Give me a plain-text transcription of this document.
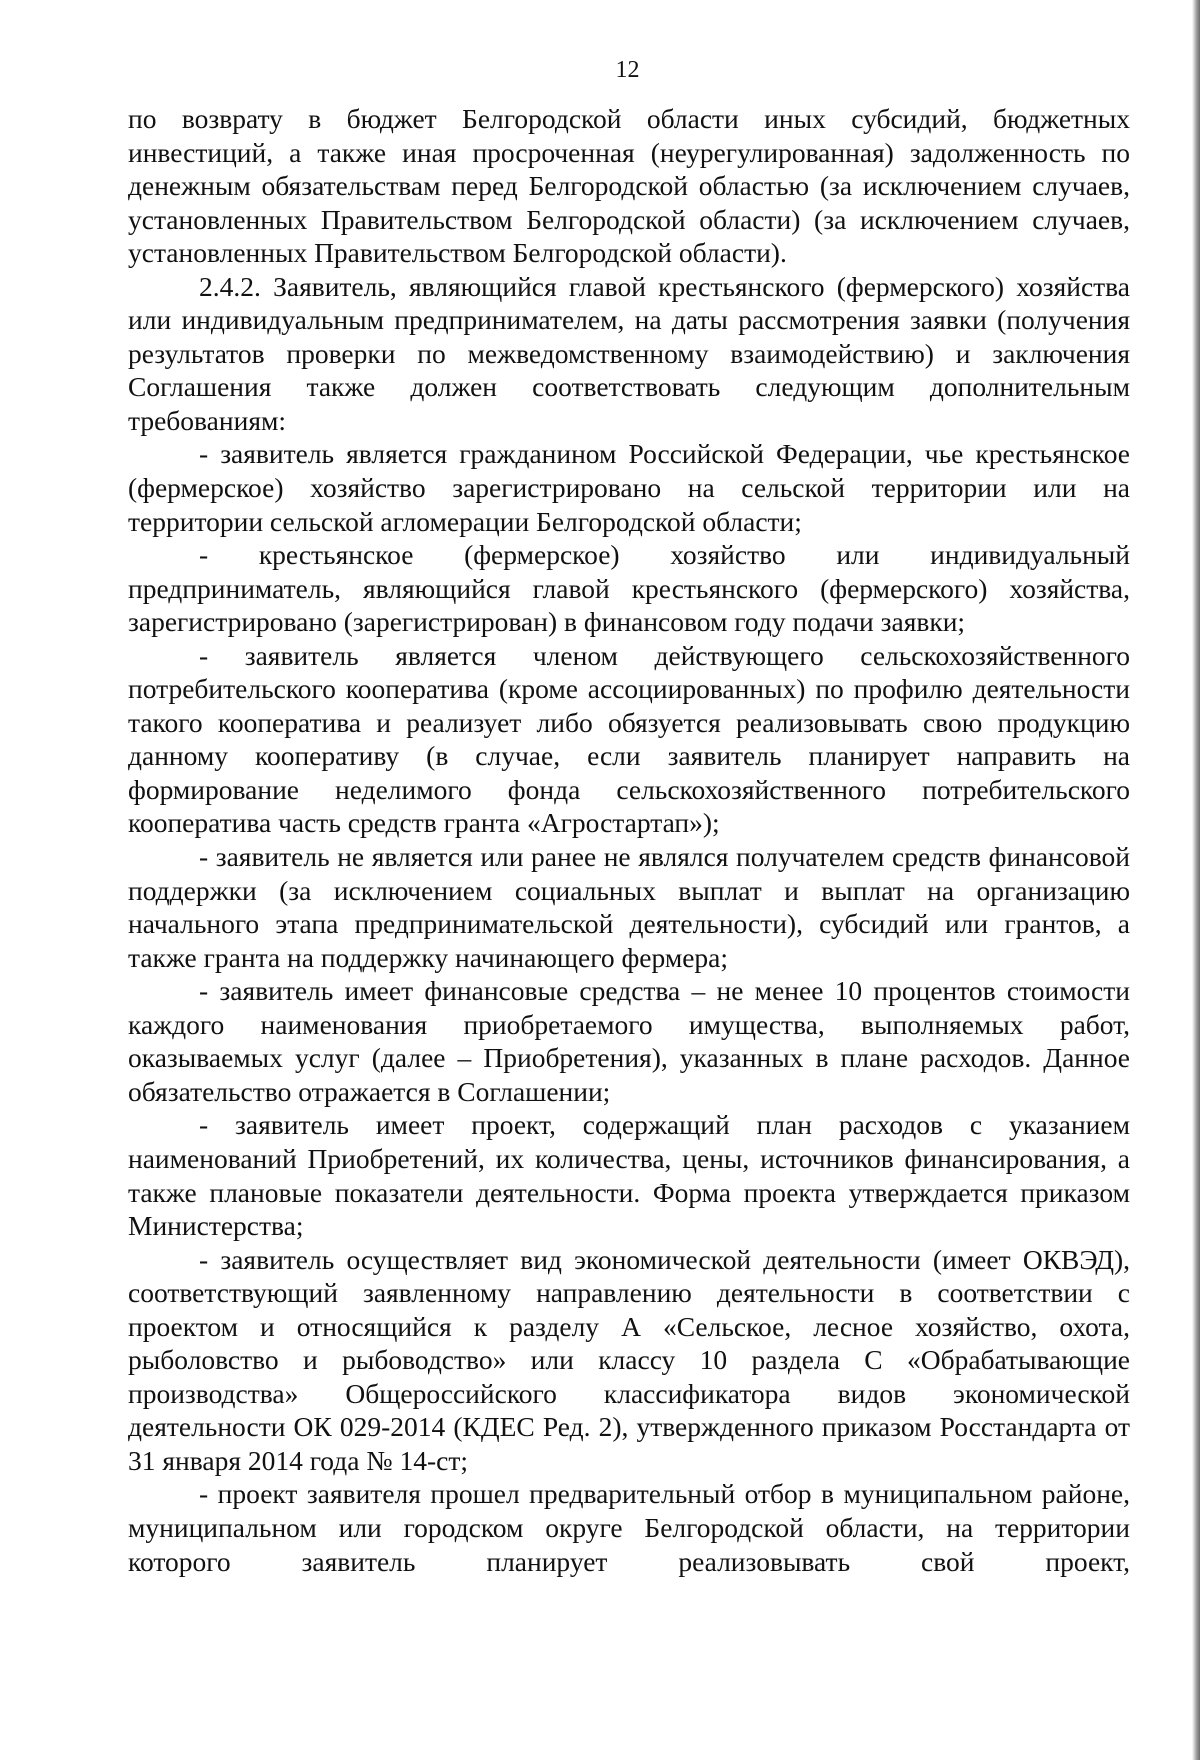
12

по возврату в бюджет Белгородской области иных субсидий, бюджетных инвестиций, а также иная просроченная (неурегулированная) задолженность по денежным обязательствам перед Белгородской областью (за исключением случаев, установленных Правительством Белгородской области) (за исключением случаев, установленных Правительством Белгородской области).

2.4.2. Заявитель, являющийся главой крестьянского (фермерского) хозяйства или индивидуальным предпринимателем, на даты рассмотрения заявки (получения результатов проверки по межведомственному взаимодействию) и заключения Соглашения также должен соответствовать следующим дополнительным требованиям:

- заявитель является гражданином Российской Федерации, чье крестьянское (фермерское) хозяйство зарегистрировано на сельской территории или на территории сельской агломерации Белгородской области;

- крестьянское (фермерское) хозяйство или индивидуальный предприниматель, являющийся главой крестьянского (фермерского) хозяйства, зарегистрировано (зарегистрирован) в финансовом году подачи заявки;

- заявитель является членом действующего сельскохозяйственного потребительского кооператива (кроме ассоциированных) по профилю деятельности такого кооператива и реализует либо обязуется реализовывать свою продукцию данному кооперативу (в случае, если заявитель планирует направить на формирование неделимого фонда сельскохозяйственного потребительского кооператива часть средств гранта «Агростартап»);

- заявитель не является или ранее не являлся получателем средств финансовой поддержки (за исключением социальных выплат и выплат на организацию начального этапа предпринимательской деятельности), субсидий или грантов, а также гранта на поддержку начинающего фермера;

- заявитель имеет финансовые средства – не менее 10 процентов стоимости каждого наименования приобретаемого имущества, выполняемых работ, оказываемых услуг (далее – Приобретения), указанных в плане расходов. Данное обязательство отражается в Соглашении;

- заявитель имеет проект, содержащий план расходов с указанием наименований Приобретений, их количества, цены, источников финансирования, а также плановые показатели деятельности. Форма проекта утверждается приказом Министерства;

- заявитель осуществляет вид экономической деятельности (имеет ОКВЭД), соответствующий заявленному направлению деятельности в соответствии с проектом и относящийся к разделу А «Сельское, лесное хозяйство, охота, рыболовство и рыбоводство» или классу 10 раздела С «Обрабатывающие производства» Общероссийского классификатора видов экономической деятельности ОК 029-2014 (КДЕС Ред. 2), утвержденного приказом Росстандарта от 31 января 2014 года № 14-ст;

- проект заявителя прошел предварительный отбор в муниципальном районе, муниципальном или городском округе Белгородской области, на территории которого заявитель планирует реализовывать свой проект,
